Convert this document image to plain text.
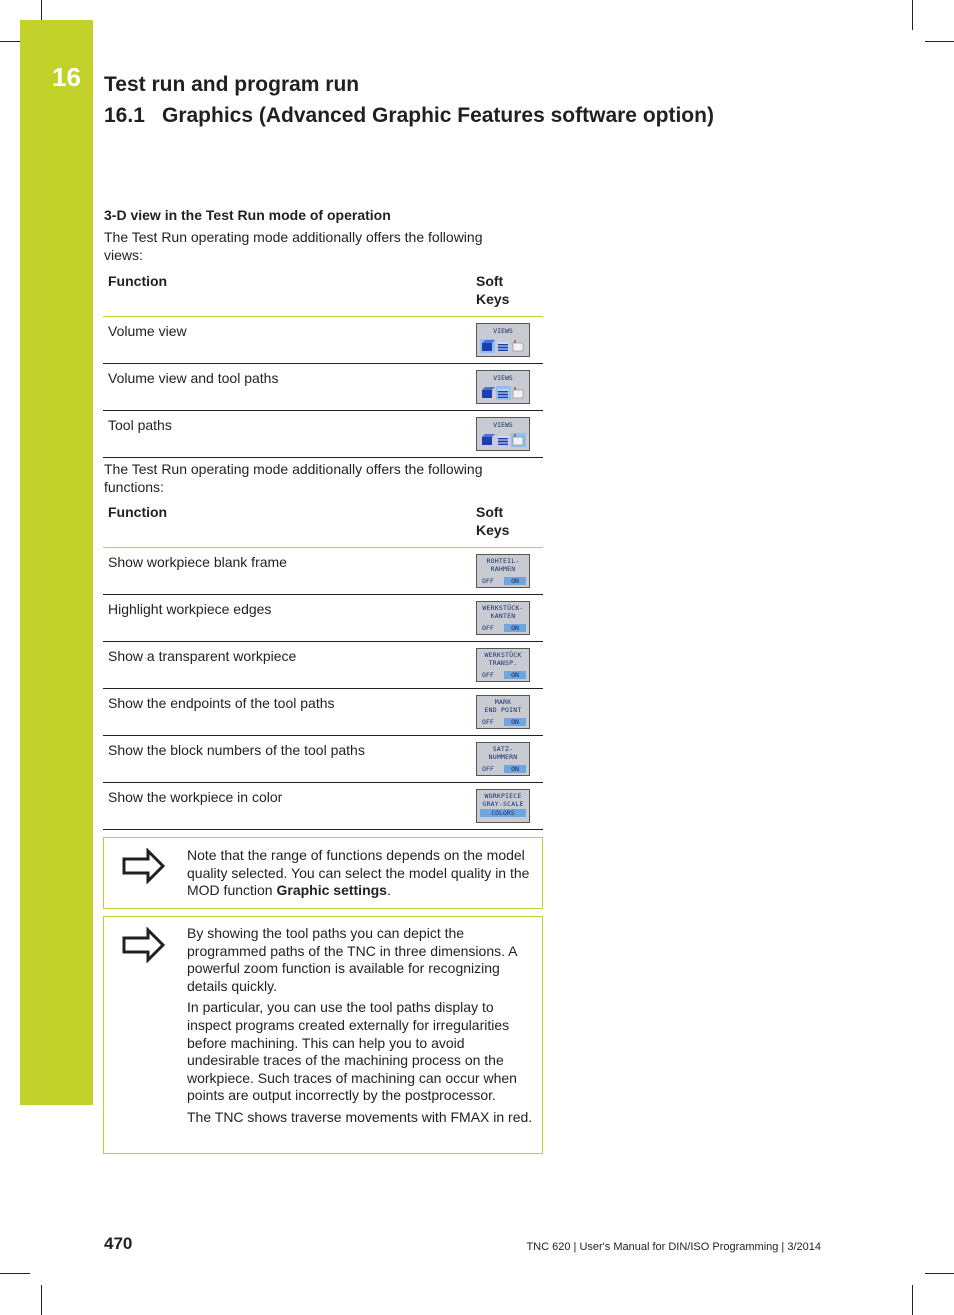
16 Test run and program run
16.1 Graphics (Advanced Graphic Features software option)
3-D view in the Test Run mode of operation
The Test Run operating mode additionally offers the following views:
Function	Soft Keys
Volume view	VIEWS

Volume view and tool paths	VIEWS

Tool paths	VIEWS
The Test Run operating mode additionally offers the following functions:
Function	Soft Keys
Show workpiece blank frame	ROHTEIL-
RAHMEN
OFF ON

Highlight workpiece edges	WERKSTÜCK-
KANTEN
OFF ON

Show a transparent workpiece	WERKSTÜCK
TRANSP.
OFF ON

Show the endpoints of the tool paths	MARK
END POINT
OFF ON

Show the block numbers of the tool paths	SATZ-
NUMMERN
OFF ON

Show the workpiece in color	WORKPIECE
GRAY-SCALE
COLORS
Note that the range of functions depends on the model quality selected. You can select the model quality in the MOD function Graphic settings.

By showing the tool paths you can depict the programmed paths of the TNC in three dimensions. A powerful zoom function is available for recognizing details quickly.

In particular, you can use the tool paths display to inspect programs created externally for irregularities before machining. This can help you to avoid undesirable traces of the machining process on the workpiece. Such traces of machining can occur when points are output incorrectly by the postprocessor.

The TNC shows traverse movements with FMAX in red.

470	TNC 620 | User's Manual for DIN/ISO Programming | 3/2014
